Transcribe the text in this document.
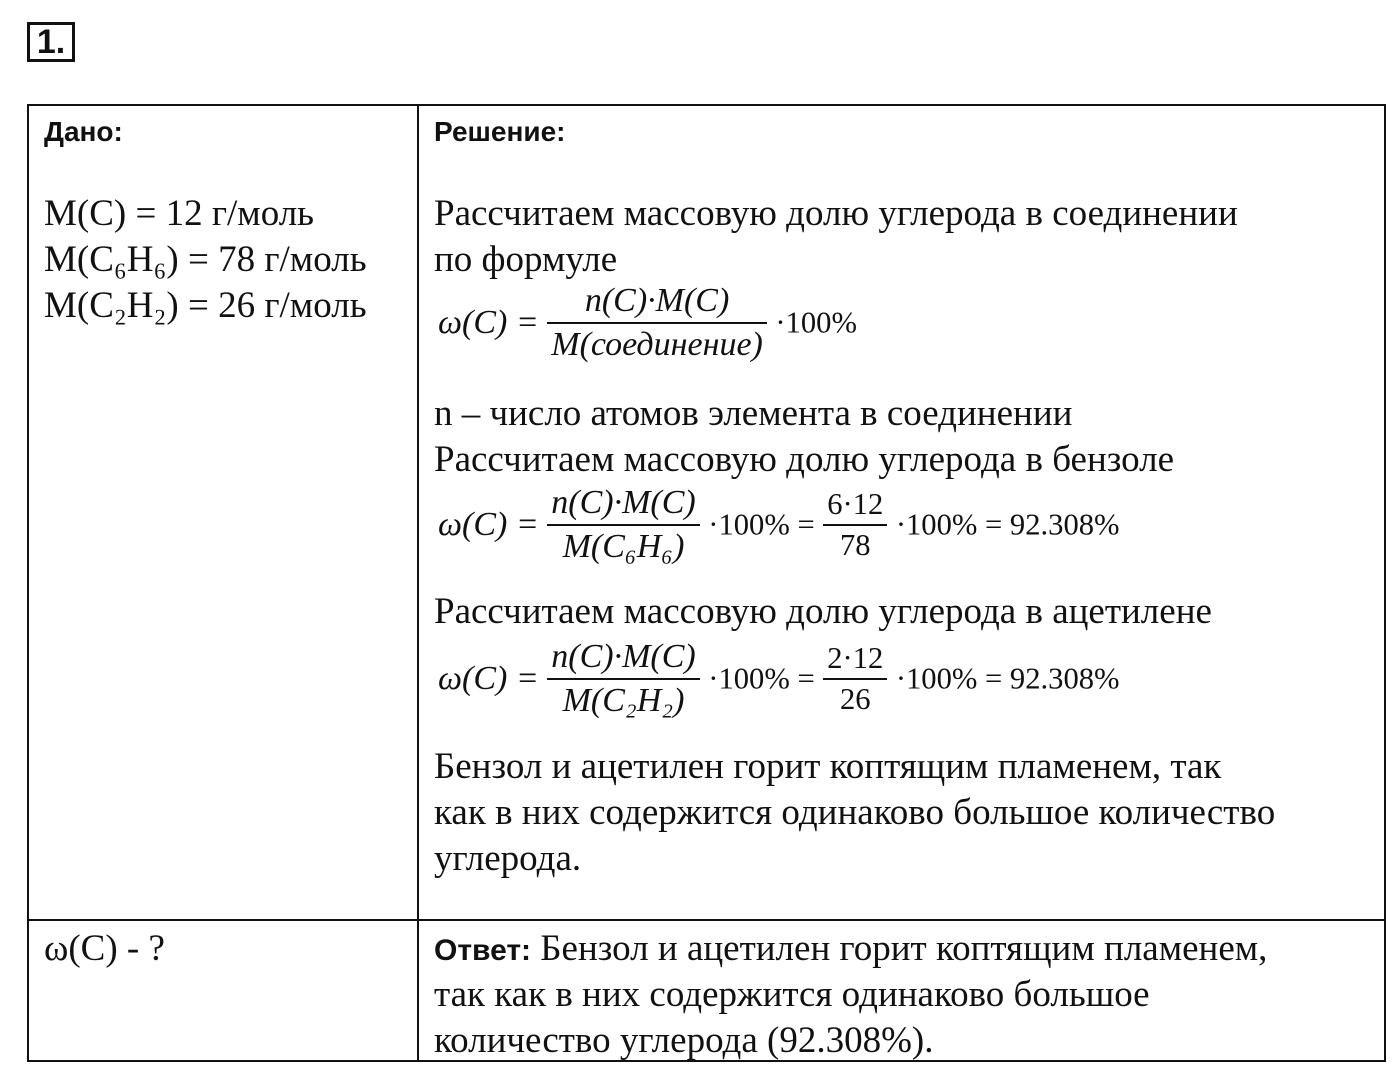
1.
Дано:
M(C) = 12 г/моль
M(C₆H₆) = 78 г/моль
M(C₂H₂) = 26 г/моль
ω(C) - ?
Решение:
Рассчитаем массовую долю углерода в соединении
по формуле
ω(C) =
n(C)·M(C)
M(соединение)
·100%
n – число атомов элемента в соединении
Рассчитаем массовую долю углерода в бензоле
$\omega(C) = \frac{n(C)\cdot M(C)}{\text{M(C₆H₆)}} \cdot 100\% = \frac{6\cdot 12}{78} \cdot 100\% = 92.308\%$
Рассчитаем массовую долю углерода в ацетилене
$\omega(C) = \frac{n(C)\cdot M(C)}{\text{M(C₂H₂)}} \cdot 100\% = \frac{2\cdot 12}{26} \cdot 100\% = 92.308\%$
Бензол и ацетилен горит коптящим пламенем, так
как в них содержится одинаково большое количество
углерода.
Ответ: Бензол и ацетилен горит коптящим пламенем,
так как в них содержится одинаково большое
количество углерода (92.308%).
